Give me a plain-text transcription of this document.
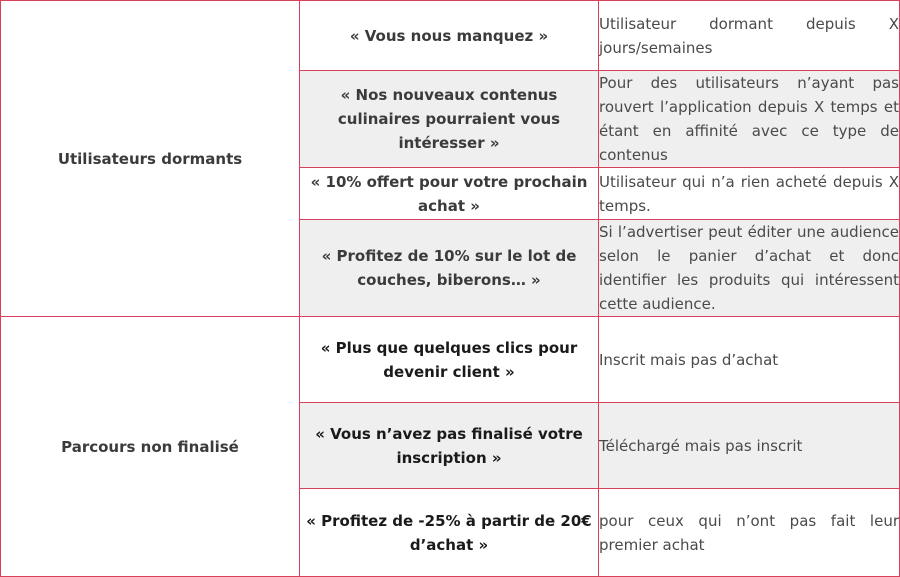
Utilisateurs dormants	« Vous nous manquez »	Utilisateur dormant depuis X jours/semaines
	« Nos nouveaux contenus culinaires pourraient vous intéresser »	Pour des utilisateurs n’ayant pas rouvert l’application depuis X temps et étant en affinité avec ce type de contenus
	« 10% offert pour votre prochain achat »	Utilisateur qui n’a rien acheté depuis X temps.
	« Profitez de 10% sur le lot de couches, biberons… »	Si l’advertiser peut éditer une audience selon le panier d’achat et donc identifier les produits qui intéressent cette audience.
Parcours non finalisé	« Plus que quelques clics pour devenir client »	Inscrit mais pas d’achat
	« Vous n’avez pas finalisé votre inscription »	Téléchargé mais pas inscrit
	« Profitez de -25% à partir de 20€ d’achat »	pour ceux qui n’ont pas fait leur premier achat
